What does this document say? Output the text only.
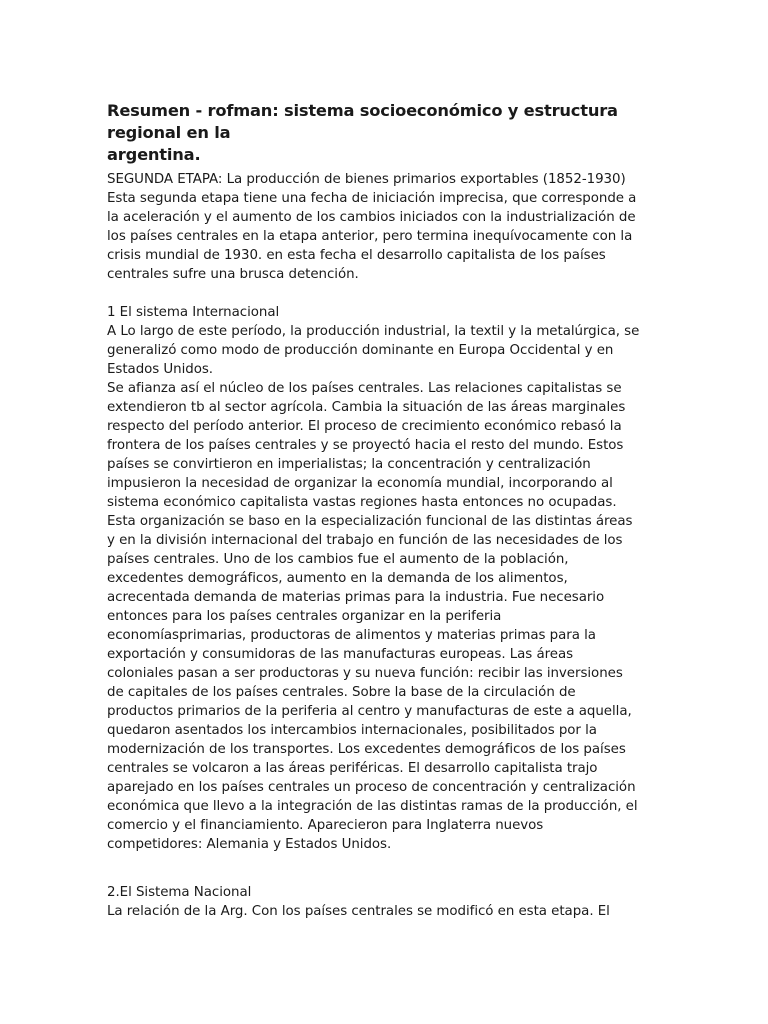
Resumen - rofman: sistema socioeconómico y estructura regional en la
argentina.
SEGUNDA ETAPA: La producción de bienes primarios exportables (1852-1930)
Esta segunda etapa tiene una fecha de iniciación imprecisa, que corresponde a
la aceleración y el aumento de los cambios iniciados con la industrialización de
los países centrales en la etapa anterior, pero termina inequívocamente con la
crisis mundial de 1930. en esta fecha el desarrollo capitalista de los países
centrales sufre una brusca detención.
1 El sistema Internacional
A Lo largo de este período, la producción industrial, la textil y la metalúrgica, se
generalizó como modo de producción dominante en Europa Occidental y en
Estados Unidos.
Se afianza así el núcleo de los países centrales. Las relaciones capitalistas se
extendieron tb al sector agrícola. Cambia la situación de las áreas marginales
respecto del período anterior. El proceso de crecimiento económico rebasó la
frontera de los países centrales y se proyectó hacia el resto del mundo. Estos
países se convirtieron en imperialistas; la concentración y centralización
impusieron la necesidad de organizar la economía mundial, incorporando al
sistema económico capitalista vastas regiones hasta entonces no ocupadas.
Esta organización se baso en la especialización funcional de las distintas áreas
y en la división internacional del trabajo en función de las necesidades de los
países centrales. Uno de los cambios fue el aumento de la población,
excedentes demográficos, aumento en la demanda de los alimentos,
acrecentada demanda de materias primas para la industria. Fue necesario
entonces para los países centrales organizar en la periferia
economíasprimarias, productoras de alimentos y materias primas para la
exportación y consumidoras de las manufacturas europeas. Las áreas
coloniales pasan a ser productoras y su nueva función: recibir las inversiones
de capitales de los países centrales. Sobre la base de la circulación de
productos primarios de la periferia al centro y manufacturas de este a aquella,
quedaron asentados los intercambios internacionales, posibilitados por la
modernización de los transportes. Los excedentes demográficos de los países
centrales se volcaron a las áreas periféricas. El desarrollo capitalista trajo
aparejado en los países centrales un proceso de concentración y centralización
económica que llevo a la integración de las distintas ramas de la producción, el
comercio y el financiamiento. Aparecieron para Inglaterra nuevos
competidores: Alemania y Estados Unidos.
2.El Sistema Nacional
La relación de la Arg. Con los países centrales se modificó en esta etapa. El
